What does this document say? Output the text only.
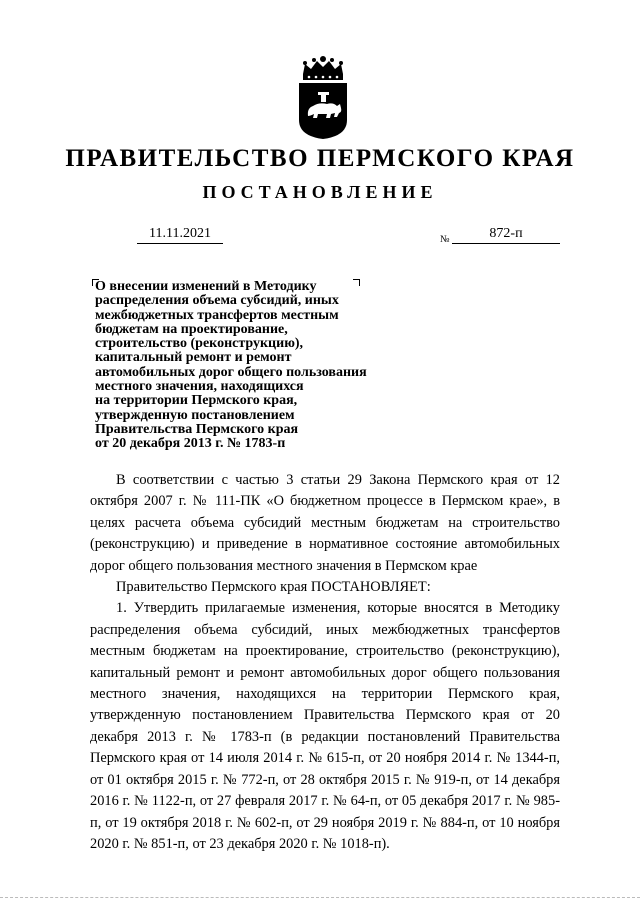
ПРАВИТЕЛЬСТВО ПЕРМСКОГО КРАЯ
ПОСТАНОВЛЕНИЕ
11.11.2021	№	872-п
О внесении изменений в Методику
распределения объема субсидий, иных
межбюджетных трансфертов местным
бюджетам на проектирование,
строительство (реконструкцию),
капитальный ремонт и ремонт
автомобильных дорог общего пользования
местного значения, находящихся
на территории Пермского края,
утвержденную постановлением
Правительства Пермского края
от 20 декабря 2013 г. № 1783-п

В соответствии с частью 3 статьи 29 Закона Пермского края от 12 октября 2007 г. № 111-ПК «О бюджетном процессе в Пермском крае», в целях расчета объема субсидий местным бюджетам на строительство (реконструкцию) и приведение в нормативное состояние автомобильных дорог общего пользования местного значения в Пермском крае

Правительство Пермского края ПОСТАНОВЛЯЕТ:

1. Утвердить прилагаемые изменения, которые вносятся в Методику распределения объема субсидий, иных межбюджетных трансфертов местным бюджетам на проектирование, строительство (реконструкцию), капитальный ремонт и ремонт автомобильных дорог общего пользования местного значения, находящихся на территории Пермского края, утвержденную постановлением Правительства Пермского края от 20 декабря 2013 г. № 1783-п (в редакции постановлений Правительства Пермского края от 14 июля 2014 г. № 615-п, от 20 ноября 2014 г. № 1344-п, от 01 октября 2015 г. № 772-п, от 28 октября 2015 г. № 919-п, от 14 декабря 2016 г. № 1122-п, от 27 февраля 2017 г. № 64-п, от 05 декабря 2017 г. № 985-п, от 19 октября 2018 г. № 602-п, от 29 ноября 2019 г. № 884-п, от 10 ноября 2020 г. № 851-п, от 23 декабря 2020 г. № 1018-п).
